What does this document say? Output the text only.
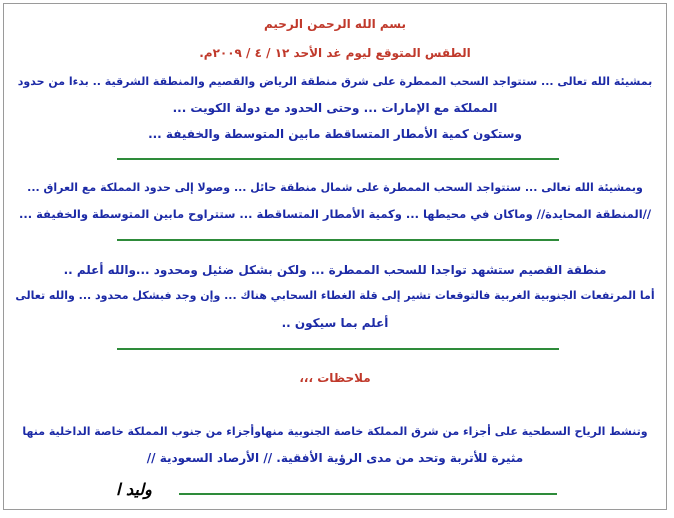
بسم الله الرحمن الرحيم
الطقس المتوقع ليوم غد الأحد ١٢ / ٤ / ٢٠٠٩م.
بمشيئة الله تعالى ... ستتواجد السحب الممطرة على شرق منطقة الرياض والقصيم والمنطقة الشرقية .. بدءا من حدود
المملكة مع الإمارات ... وحتى الحدود مع دولة الكويت ...
وستكون كمية الأمطار المتساقطة مابين المتوسطة والخفيفة ...
وبمشيئة الله تعالى ... ستتواجد السحب الممطرة على شمال منطقة حائل ... وصولا إلى حدود المملكة مع العراق ...
//المنطقة المحايدة// وماكان في محيطها ... وكمية الأمطار المتساقطة ... ستتراوح مابين المتوسطة والخفيفة ...
منطقة القصيم ستشهد تواجدا للسحب الممطرة ... ولكن بشكل ضئيل ومحدود ...والله أعلم ..
أما المرتفعات الجنوبية الغربية فالتوقعات تشير إلى قلة الغطاء السحابي هناك ... وإن وجد فبشكل محدود ... والله تعالى
أعلم بما سيكون ..
ملاحظات ،،،
وتنشط الرياح السطحية على أجزاء من شرق المملكة خاصة الجنوبية منهاوأجزاء من جنوب المملكة خاصة الداخلية منها
مثيرة للأتربة وتحد من مدى الرؤية الأفقية. // الأرصاد السعودية //
وليد ا
